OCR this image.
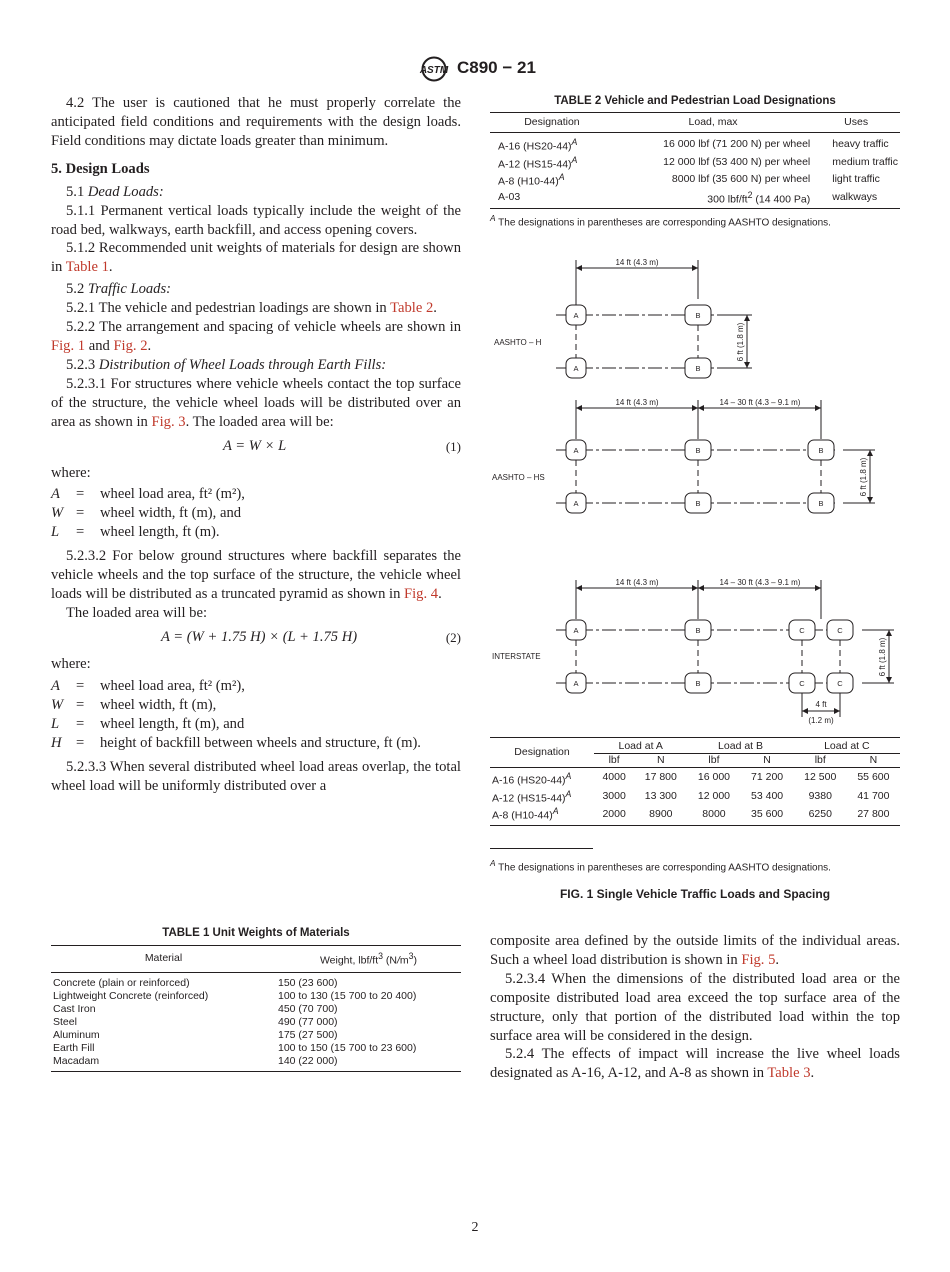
ASTM C890 − 21

4.2 The user is cautioned that he must properly correlate the anticipated field conditions and requirements with the design loads. Field conditions may dictate loads greater than minimum.

5. Design Loads

5.1 Dead Loads:

5.1.1 Permanent vertical loads typically include the weight of the road bed, walkways, earth backfill, and access opening covers.

5.1.2 Recommended unit weights of materials for design are shown in Table 1.

5.2 Traffic Loads:

5.2.1 The vehicle and pedestrian loadings are shown in Table 2.

5.2.2 The arrangement and spacing of vehicle wheels are shown in Fig. 1 and Fig. 2.

5.2.3 Distribution of Wheel Loads through Earth Fills:

5.2.3.1 For structures where vehicle wheels contact the top surface of the structure, the vehicle wheel loads will be distributed over an area as shown in Fig. 3. The loaded area will be:

A = W × L	(1)

where:

A = wheel load area, ft² (m²),
W = wheel width, ft (m), and
L = wheel length, ft (m).

5.2.3.2 For below ground structures where backfill separates the vehicle wheels and the top surface of the structure, the vehicle wheel loads will be distributed as a truncated pyramid as shown in Fig. 4.

The loaded area will be:

A = (W + 1.75 H) × (L + 1.75 H)	(2)

where:

A = wheel load area, ft² (m²),
W = wheel width, ft (m),
L = wheel length, ft (m), and
H = height of backfill between wheels and structure, ft (m).

5.2.3.3 When several distributed wheel load areas overlap, the total wheel load will be uniformly distributed over a

TABLE 1 Unit Weights of Materials
Material	Weight, lbf/$ft^3$ $(N/m^3)$
Concrete (plain or reinforced)	150 (23 600)
Lightweight Concrete (reinforced)	100 to 130 (15 700 to 20 400)
Cast Iron	450 (70 700)
Steel	490 (77 000)
Aluminum	175 (27 500)
Earth Fill	100 to 150 (15 700 to 23 600)
Macadam	140 (22 000)
TABLE 2 Vehicle and Pedestrian Load Designations
Designation	Load, max	Uses
A-16 $(HS20-44)^A$	16 000 lbf (71 200 N) per wheel	heavy traffic
A-12 $(HS15-44)^A$	12 000 lbf (53 400 N) per wheel	medium traffic
A-8 $(H10-44)^A$	8000 lbf (35 600 N) per wheel	light traffic
A-03	300 lbf/$ft^2$ (14 400 Pa)	walkways
$^A$ The designations in parentheses are corresponding AASHTO designations.
A
A
B
B
A
A
B
B
B
B
A
A
B
B
C
C
C
C
14 ft (4.3 m)
14 ft (4.3 m)	14 – 30 ft (4.3 – 9.1 m)
14 ft (4.3 m)	14 – 30 ft (4.3 – 9.1 m)
6 ft (1.8 m)
6 ft (1.8 m)
6 ft (1.8 m)
4 ft
(1.2 m)
AASHTO – H
AASHTO – HS
INTERSTATE
Designation	Load at A		Load at B		Load at C	
	lbf	N	lbf	N	lbf	N
A-16 $(HS20-44)^A$	4000	17 800	16 000	71 200	12 500	55 600
A-12 $(HS15-44)^A$	3000	13 300	12 000	53 400	9380	41 700
A-8 $(H10-44)^A$	2000	8900	8000	35 600	6250	27 800
$^A$ The designations in parentheses are corresponding AASHTO designations.
FIG. 1 Single Vehicle Traffic Loads and Spacing

composite area defined by the outside limits of the individual areas. Such a wheel load distribution is shown in Fig. 5.

5.2.3.4 When the dimensions of the distributed load area or the composite distributed load area exceed the top surface area of the structure, only that portion of the distributed load within the top surface area will be considered in the design.

5.2.4 The effects of impact will increase the live wheel loads designated as A-16, A-12, and A-8 as shown in Table 3.

2
